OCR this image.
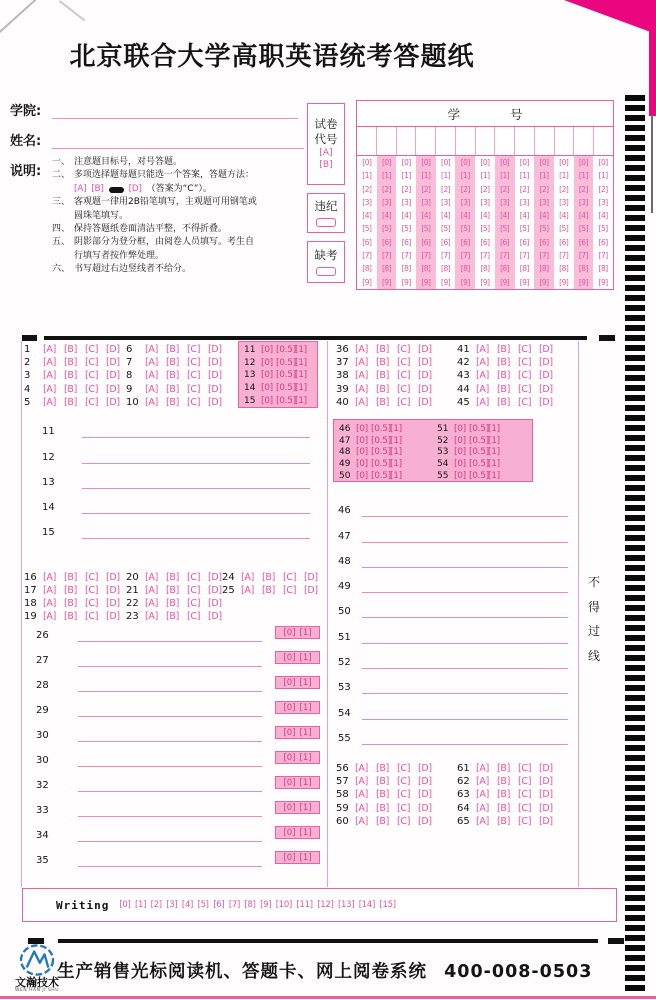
北京联合大学高职英语统考答题纸
学院:
姓名:
说明:
一、 注意题目标号，对号答题。
二、 多项选择题每题只能选一个答案，答题方法：
[A] [B]	[D] （答案为“C”）。
三、 客观题一律用2B铅笔填写，主观题可用钢笔或
圆珠笔填写。
四、 保持答题纸卷面清洁平整，不得折叠。
五、 阴影部分为登分框，由阅卷人员填写。考生自
行填写者按作弊处理。
六、 书写超过右边竖线者不给分。
试卷
代号
[A]
[B]
违纪
缺考
学　　　　号
[0]	[0]	[0]	[0]	[0]	[0]	[0]	[0]	[0]	[0]	[0]	[0]	[0]
[1]	[1]	[1]	[1]	[1]	[1]	[1]	[1]	[1]	[1]	[1]	[1]	[1]
[2]	[2]	[2]	[2]	[2]	[2]	[2]	[2]	[2]	[2]	[2]	[2]	[2]
[3]	[3]	[3]	[3]	[3]	[3]	[3]	[3]	[3]	[3]	[3]	[3]	[3]
[4]	[4]	[4]	[4]	[4]	[4]	[4]	[4]	[4]	[4]	[4]	[4]	[4]
[5]	[5]	[5]	[5]	[5]	[5]	[5]	[5]	[5]	[5]	[5]	[5]	[5]
[6]	[6]	[6]	[6]	[6]	[6]	[6]	[6]	[6]	[6]	[6]	[6]	[6]
[7]	[7]	[7]	[7]	[7]	[7]	[7]	[7]	[7]	[7]	[7]	[7]	[7]
[8]	[8]	[8]	[8]	[8]	[8]	[8]	[8]	[8]	[8]	[8]	[8]	[8]
[9]	[9]	[9]	[9]	[9]	[9]	[9]	[9]	[9]	[9]	[9]	[9]	[9]
1	[A] [B] [C] [D]
2	[A] [B] [C] [D]
3	[A] [B] [C] [D]
4	[A] [B] [C] [D]
5	[A] [B] [C] [D]
6	[A] [B] [C] [D]
7	[A] [B] [C] [D]
8	[A] [B] [C] [D]
9	[A] [B] [C] [D]
10 [A] [B] [C] [D]
11 [0] [0.5] [1]
12 [0] [0.5] [1]
13 [0] [0.5] [1]
14 [0] [0.5] [1]
15 [0] [0.5] [1]
36 [A] [B] [C] [D]
37 [A] [B] [C] [D]
38 [A] [B] [C] [D]
39 [A] [B] [C] [D]
40 [A] [B] [C] [D]
41 [A] [B] [C] [D]
42 [A] [B] [C] [D]
43 [A] [B] [C] [D]
44 [A] [B] [C] [D]
45 [A] [B] [C] [D]
11
12
13
14
15
46 [0] [0.5] [1]
47 [0] [0.5] [1]
48 [0] [0.5] [1]
49 [0] [0.5] [1]
50 [0] [0.5] [1]
51 [0] [0.5] [1]
52 [0] [0.5] [1]
53 [0] [0.5] [1]
54 [0] [0.5] [1]
55 [0] [0.5] [1]
16 [A] [B] [C] [D]
17 [A] [B] [C] [D]
18 [A] [B] [C] [D]
19 [A] [B] [C] [D]
20 [A] [B] [C] [D]
21 [A] [B] [C] [D]
22 [A] [B] [C] [D]
23 [A] [B] [C] [D]
24 [A] [B] [C] [D]
25 [A] [B] [C] [D]
26	[0] [1]
27	[0] [1]
28	[0] [1]
29	[0] [1]
30	[0] [1]
30	[0] [1]
32	[0] [1]
33	[0] [1]
34	[0] [1]
35	[0] [1]
46
47
48
49
50
51
52
53
54
55
56 [A] [B] [C] [D]
57 [A] [B] [C] [D]
58 [A] [B] [C] [D]
59 [A] [B] [C] [D]
60 [A] [B] [C] [D]
61 [A] [B] [C] [D]
62 [A] [B] [C] [D]
63 [A] [B] [C] [D]
64 [A] [B] [C] [D]
65 [A] [B] [C] [D]
不
得
过
线
Writing [0] [1] [2] [3] [4] [5] [6] [7] [8] [9] [10] [11] [12] [13] [14] [15]
文瀚技术
WEN HAN JI SHU
生产销售光标阅读机、答题卡、网上阅卷系统 400-008-0503
